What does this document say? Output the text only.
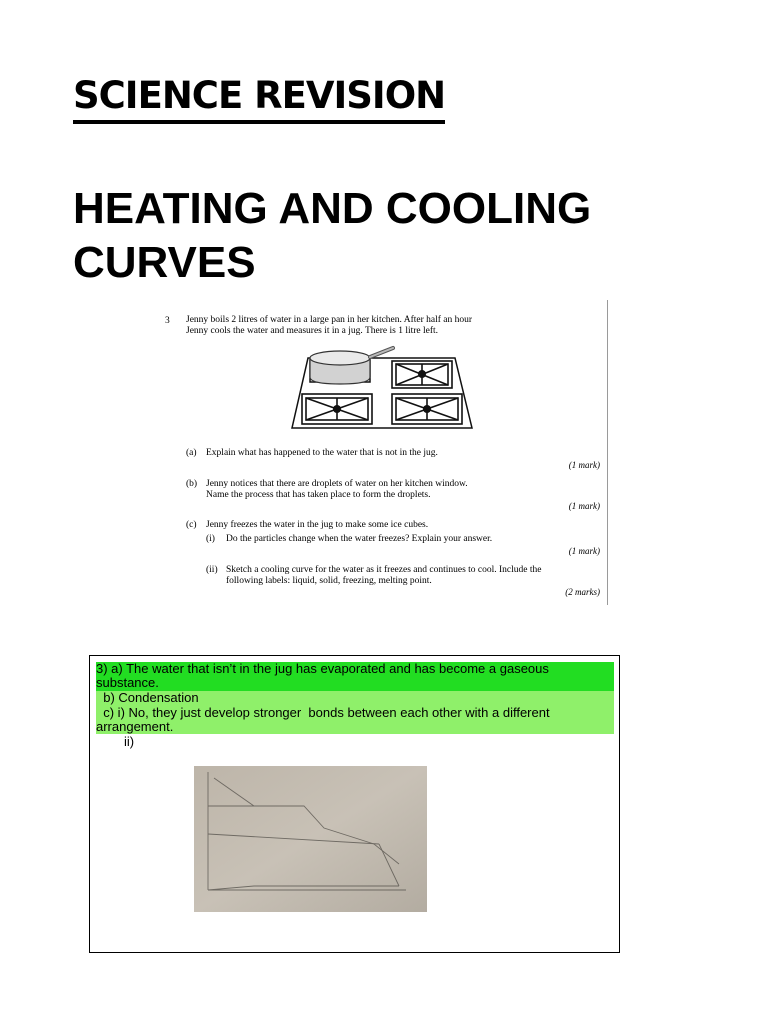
SCIENCE REVISION
HEATING AND COOLING CURVES
3 Jenny boils 2 litres of water in a large pan in her kitchen. After half an hour
Jenny cools the water and measures it in a jug. There is 1 litre left.
(a) Explain what has happened to the water that is not in the jug.
(1 mark)
(b) Jenny notices that there are droplets of water on her kitchen window.
Name the process that has taken place to form the droplets.
(1 mark)
(c) Jenny freezes the water in the jug to make some ice cubes.
(i) Do the particles change when the water freezes? Explain your answer.
(1 mark)
(ii) Sketch a cooling curve for the water as it freezes and continues to cool. Include the
following labels: liquid, solid, freezing, melting point.
(2 marks)
3) a) The water that isn’t in the jug has evaporated and has become a gaseous substance.
b) Condensation
c) i) No, they just develop stronger  bonds between each other with a different arrangement.
ii)
